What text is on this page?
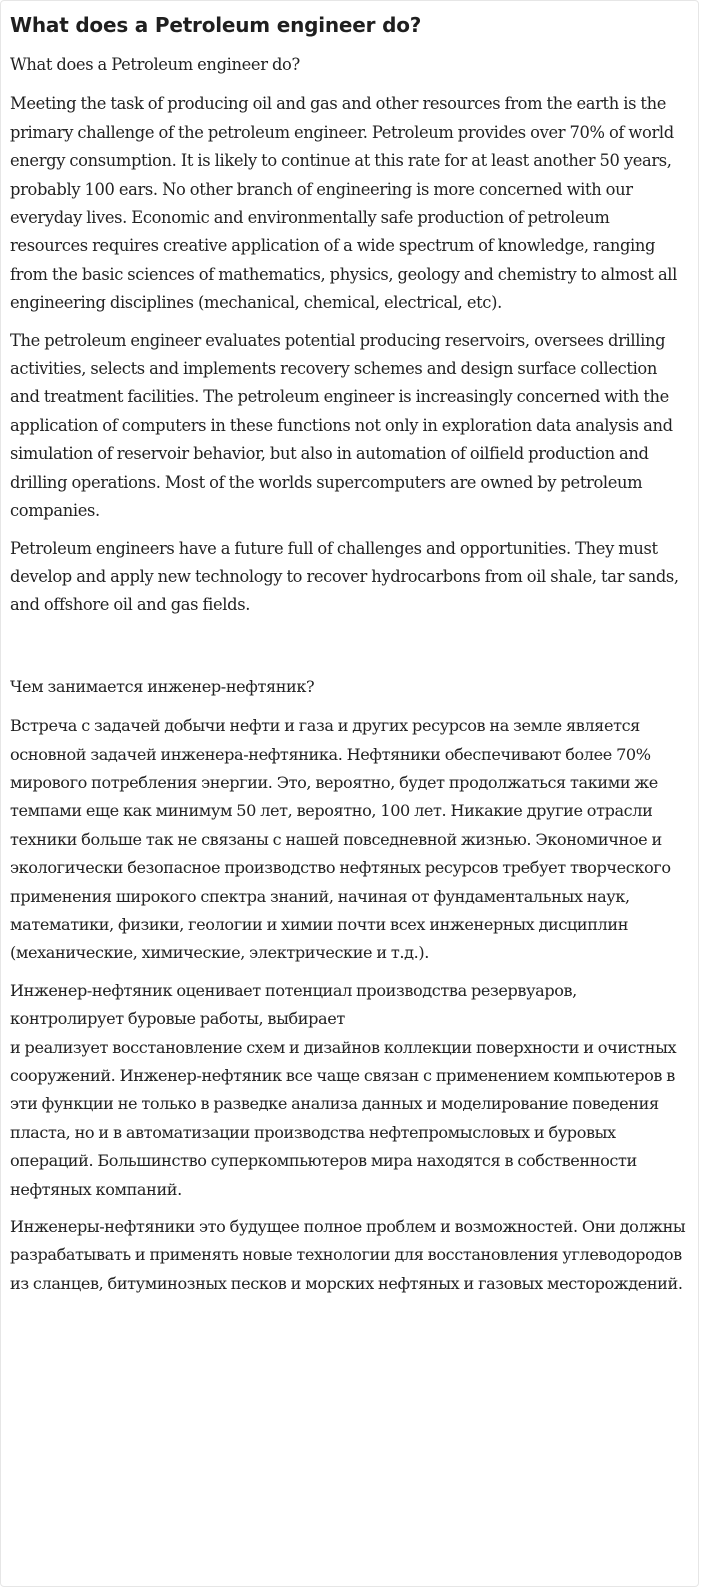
What does a Petroleum engineer do?

What does a Petroleum engineer do?

Meeting the task of producing oil and gas and other resources from the earth is the primary challenge of the petroleum engineer. Petroleum provides over 70% of world energy consumption. It is likely to continue at this rate for at least another 50 years, probably 100 ears. No other branch of engineering is more concerned with our everyday lives. Economic and environmentally safe production of petroleum resources requires creative application of a wide spectrum of knowledge, ranging from the basic sciences of mathematics, physics, geology and chemistry to almost all engineering disciplines (mechanical, chemical, electrical, etc).

The petroleum engineer evaluates potential producing reservoirs, oversees drilling activities, selects and implements recovery schemes and design surface collection and treatment facilities. The petroleum engineer is increasingly concerned with the application of computers in these functions not only in exploration data analysis and simulation of reservoir behavior, but also in automation of oilfield production and drilling operations. Most of the worlds supercomputers are owned by petroleum companies.

Petroleum engineers have a future full of challenges and opportunities. They must develop and apply new technology to recover hydrocarbons from oil shale, tar sands, and offshore oil and gas fields.

Чем занимается инженер-нефтяник?

Встреча с задачей добычи нефти и газа и других ресурсов на земле является основной задачей инженера-нефтяника. Нефтяники обеспечивают более 70% мирового потребления энергии. Это, вероятно, будет продолжаться такими же темпами еще как минимум 50 лет, вероятно, 100 лет. Никакие другие отрасли техники больше так не связаны с нашей повседневной жизнью. Экономичное и экологически безопасное производство нефтяных ресурсов требует творческого применения широкого спектра знаний, начиная от фундаментальных наук, математики, физики, геологии и химии почти всех инженерных дисциплин (механические, химические, электрические и т.д.).

Инженер-нефтяник оценивает потенциал производства резервуаров, контролирует буровые работы, выбирает
и реализует восстановление схем и дизайнов коллекции поверхности и очистных сооружений. Инженер-нефтяник все чаще связан с применением компьютеров в эти функции не только в разведке анализа данных и моделирование поведения пласта, но и в автоматизации производства нефтепромысловых и буровых операций. Большинство суперкомпьютеров мира находятся в собственности нефтяных компаний.

Инженеры-нефтяники это будущее полное проблем и возможностей. Они должны разрабатывать и применять новые технологии для восстановления углеводородов из сланцев, битуминозных песков и морских нефтяных и газовых месторождений.
